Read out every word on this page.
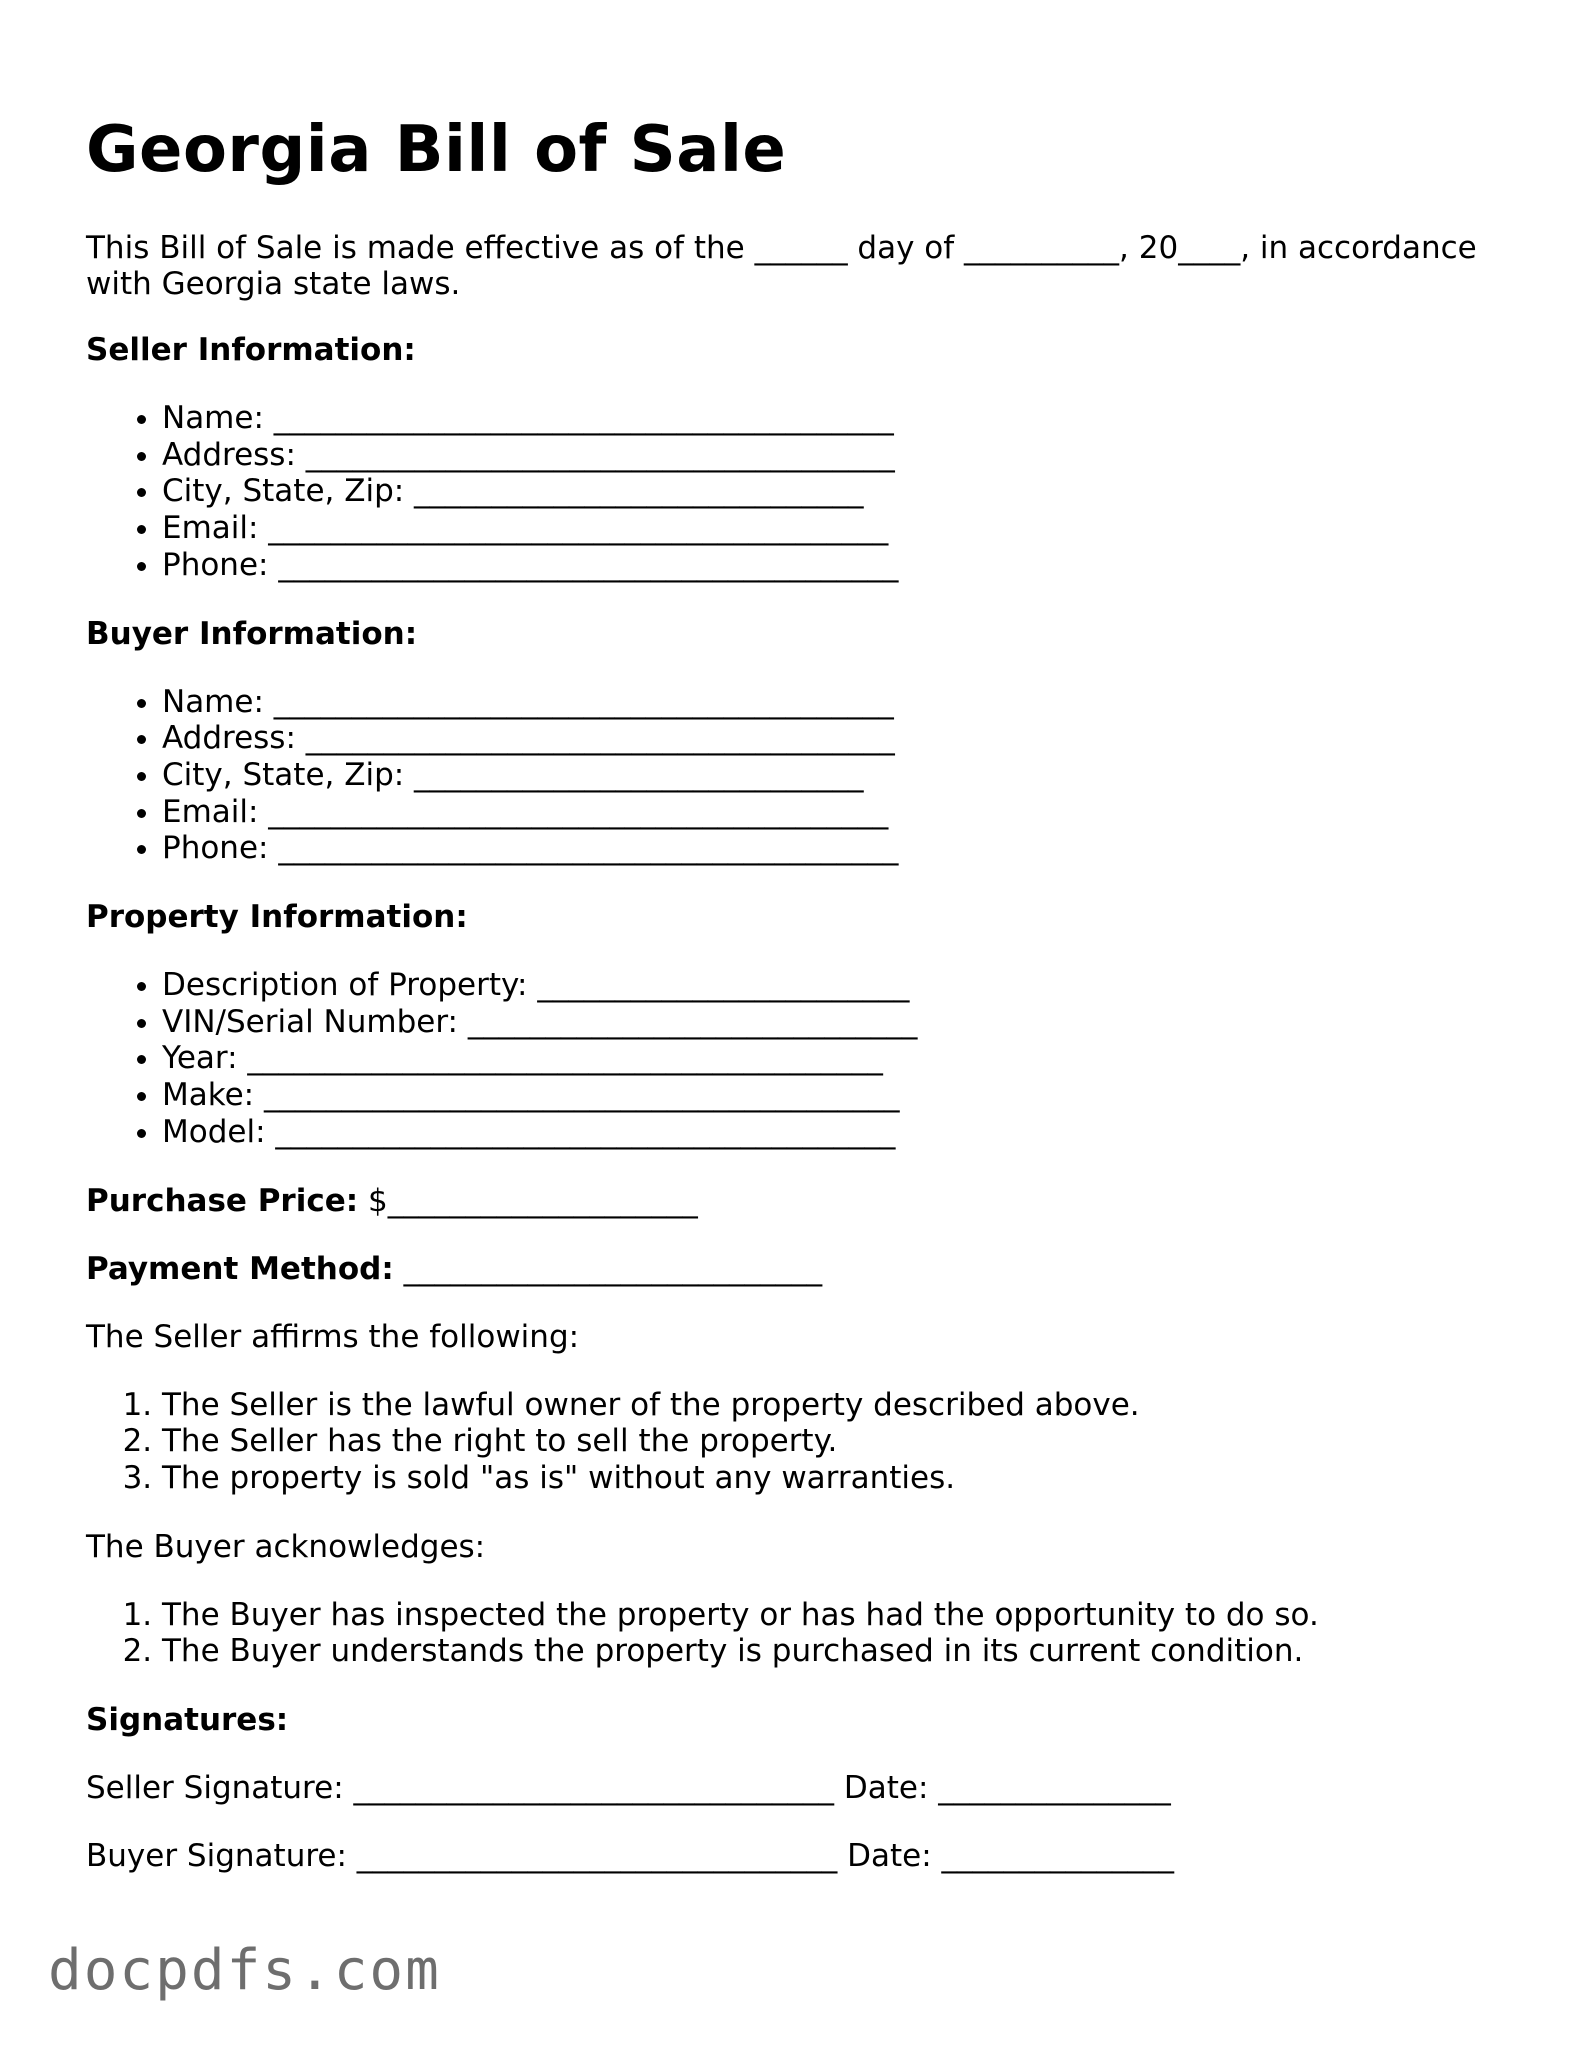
Georgia Bill of Sale

This Bill of Sale is made effective as of the ______ day of __________, 20____, in accordance
with Georgia state laws.

Seller Information:

• Name: ________________________________________
• Address: ______________________________________
• City, State, Zip: _____________________________
• Email: ________________________________________
• Phone: ________________________________________

Buyer Information:

• Name: ________________________________________
• Address: ______________________________________
• City, State, Zip: _____________________________
• Email: ________________________________________
• Phone: ________________________________________

Property Information:

• Description of Property: ________________________
• VIN/Serial Number: _____________________________
• Year: _________________________________________
• Make: _________________________________________
• Model: ________________________________________

Purchase Price: $____________________

Payment Method: ___________________________

The Seller affirms the following:

1. The Seller is the lawful owner of the property described above.
2. The Seller has the right to sell the property.
3. The property is sold "as is" without any warranties.

The Buyer acknowledges:

1. The Buyer has inspected the property or has had the opportunity to do so.
2. The Buyer understands the property is purchased in its current condition.

Signatures:

Seller Signature: _______________________________ Date: _______________

Buyer Signature: _______________________________ Date: _______________

docpdfs.com
